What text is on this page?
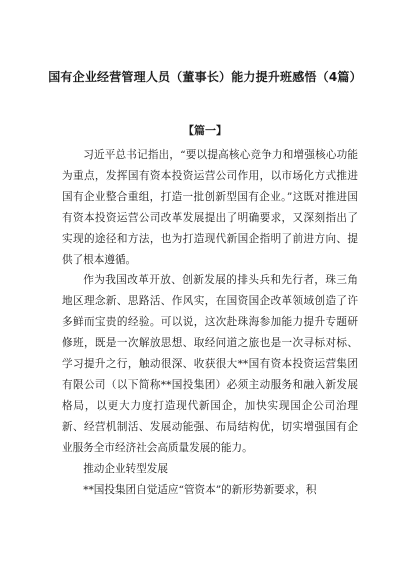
国有企业经营管理人员（董事长）能力提升班感悟（4篇）
【篇一】

习近平总书记指出，“要以提高核心竞争力和增强核心功能为重点，发挥国有资本投资运营公司作用，以市场化方式推进国有企业整合重组，打造一批创新型国有企业。”这既对推进国有资本投资运营公司改革发展提出了明确要求，又深刻指出了实现的途径和方法，也为打造现代新国企指明了前进方向、提供了根本遵循。

作为我国改革开放、创新发展的排头兵和先行者，珠三角地区理念新、思路活、作风实，在国资国企改革领域创造了许多鲜而宝贵的经验。可以说，这次赴珠海参加能力提升专题研修班，既是一次解放思想、取经问道之旅也是一次寻标对标、学习提升之行，触动很深、收获很大**国有资本投资运营集团有限公司（以下简称**国投集团）必须主动服务和融入新发展格局，以更大力度打造现代新国企，加快实现国企公司治理新、经营机制活、发展动能强、布局结构优，切实增强国有企业服务全市经济社会高质量发展的能力。

推动企业转型发展

**国投集团自觉适应“管资本”的新形势新要求，积
